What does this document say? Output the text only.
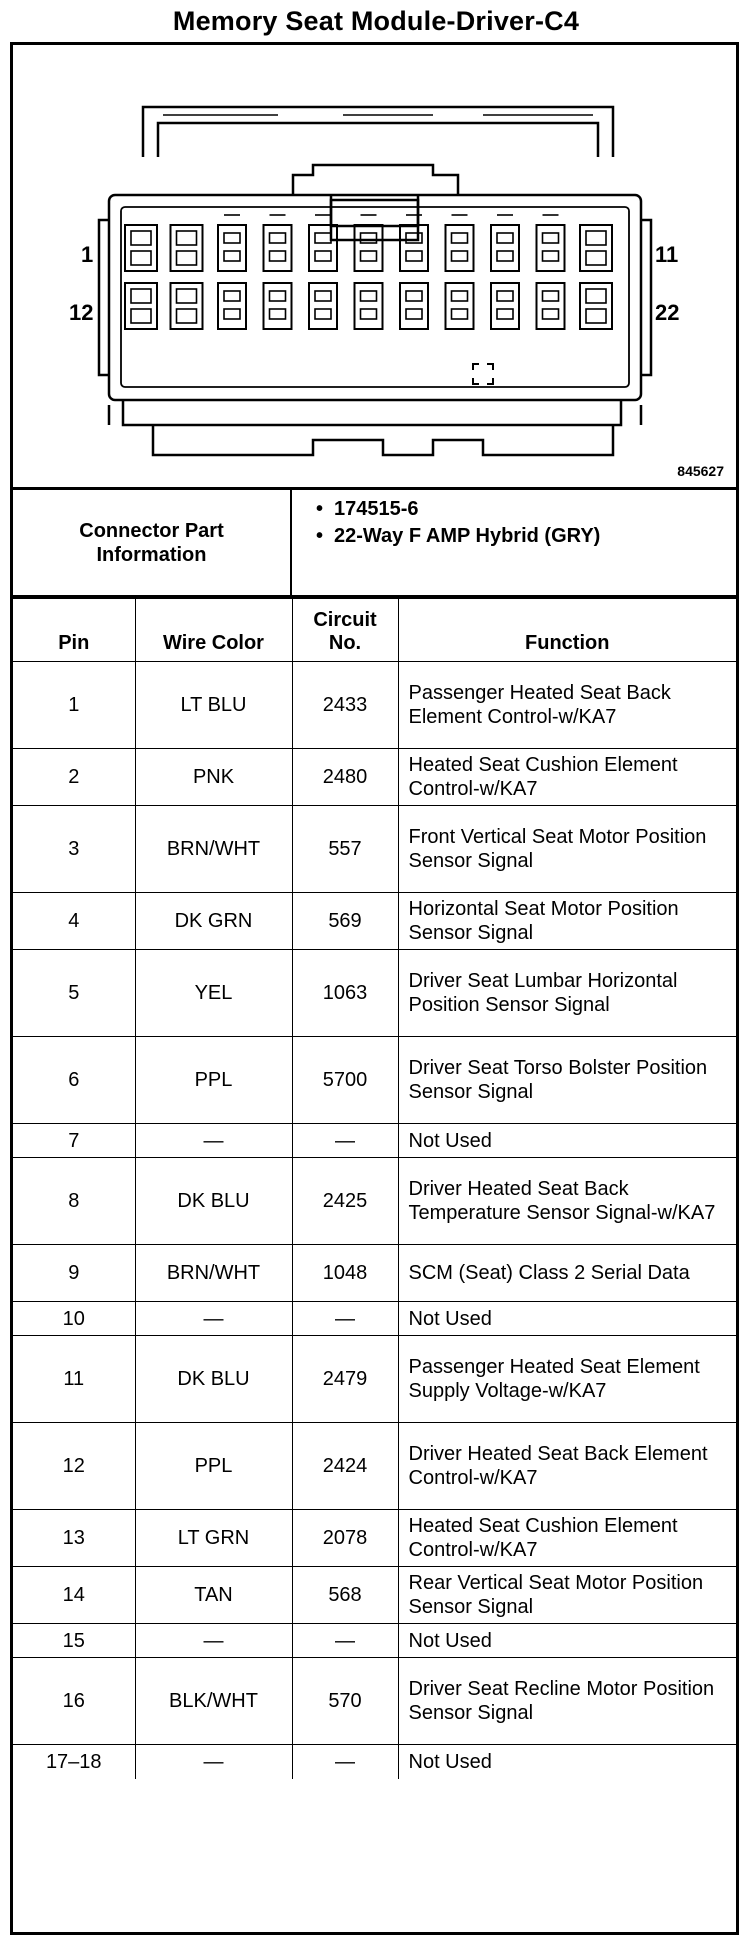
Memory Seat Module-Driver-C4
1
12
11
22
845627
Connector Part Information
• 174515-6
• 22-Way F AMP Hybrid (GRY)
Pin	Wire Color	Circuit No.	Function
1	LT BLU	2433	Passenger Heated Seat Back Element Control-w/KA7
2	PNK	2480	Heated Seat Cushion Element Control-w/KA7
3	BRN/WHT	557	Front Vertical Seat Motor Position Sensor Signal
4	DK GRN	569	Horizontal Seat Motor Position Sensor Signal
5	YEL	1063	Driver Seat Lumbar Horizontal Position Sensor Signal
6	PPL	5700	Driver Seat Torso Bolster Position Sensor Signal
7	—	—	Not Used
8	DK BLU	2425	Driver Heated Seat Back Temperature Sensor Signal-w/KA7
9	BRN/WHT	1048	SCM (Seat) Class 2 Serial Data
10	—	—	Not Used
11	DK BLU	2479	Passenger Heated Seat Element Supply Voltage-w/KA7
12	PPL	2424	Driver Heated Seat Back Element Control-w/KA7
13	LT GRN	2078	Heated Seat Cushion Element Control-w/KA7
14	TAN	568	Rear Vertical Seat Motor Position Sensor Signal
15	—	—	Not Used
16	BLK/WHT	570	Driver Seat Recline Motor Position Sensor Signal
17–18	—	—	Not Used
